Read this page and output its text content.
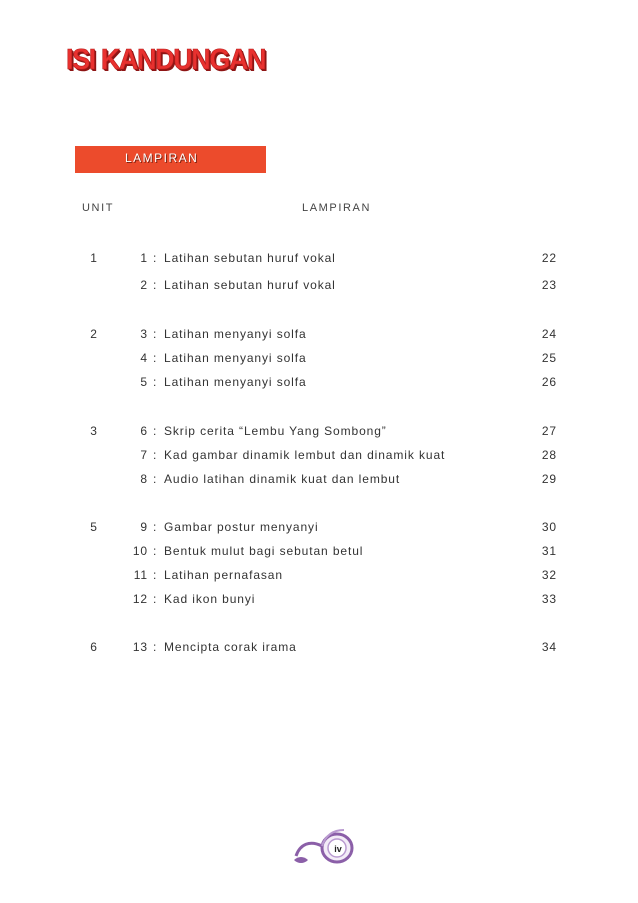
ISI KANDUNGAN
LAMPIRAN
UNIT	LAMPIRAN
1	1 : Latihan sebutan huruf vokal	22
2 : Latihan sebutan huruf vokal	23
2	3 : Latihan menyanyi solfa	24
4 : Latihan menyanyi solfa	25
5 : Latihan menyanyi solfa	26
3	6 : Skrip cerita “Lembu Yang Sombong”	27
7 : Kad gambar dinamik lembut dan dinamik kuat	28
8 : Audio latihan dinamik kuat dan lembut	29
5	9 : Gambar postur menyanyi	30
10 : Bentuk mulut bagi sebutan betul	31
11 : Latihan pernafasan	32
12 : Kad ikon bunyi	33
6	13 : Mencipta corak irama	34
iv
